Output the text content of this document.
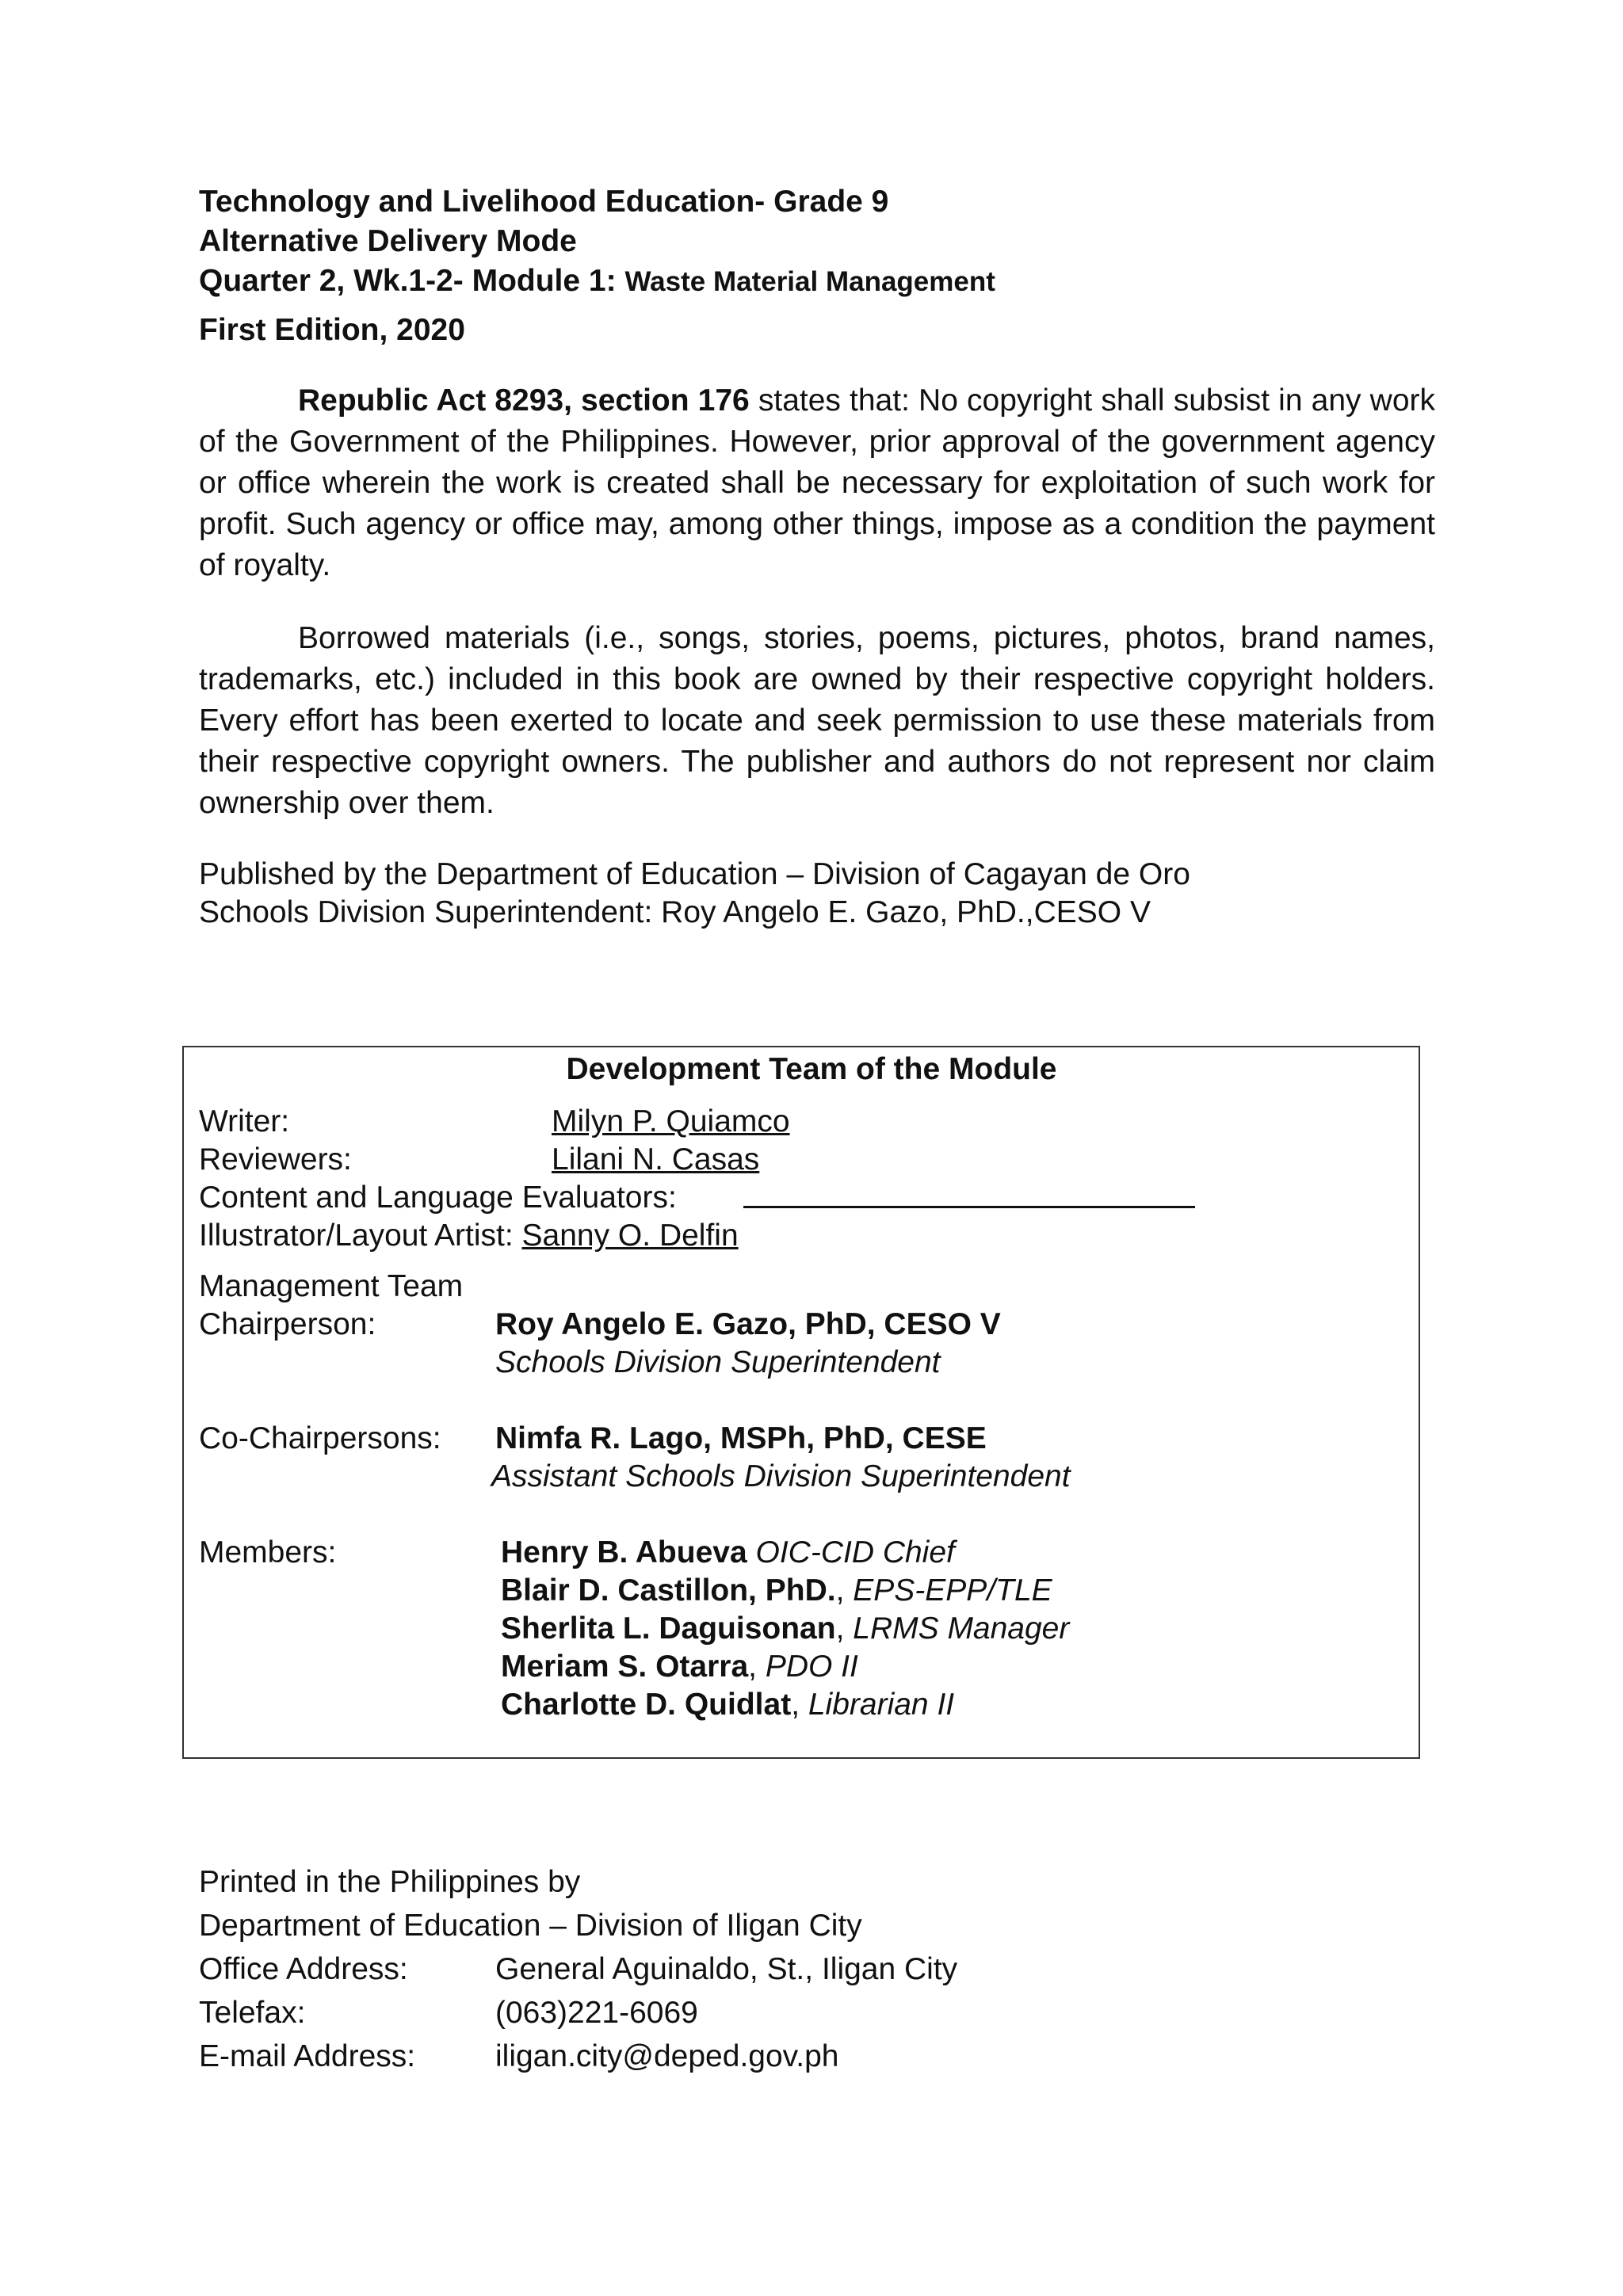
Technology and Livelihood Education- Grade 9
Alternative Delivery Mode
Quarter 2, Wk.1-2- Module 1: Waste Material Management
First Edition, 2020
Republic Act 8293, section 176 states that: No copyright shall subsist in any work of the Government of the Philippines. However, prior approval of the government agency or office wherein the work is created shall be necessary for exploitation of such work for profit. Such agency or office may, among other things, impose as a condition the payment of royalty.
Borrowed materials (i.e., songs, stories, poems, pictures, photos, brand names, trademarks, etc.) included in this book are owned by their respective copyright holders. Every effort has been exerted to locate and seek permission to use these materials from their respective copyright owners. The publisher and authors do not represent nor claim ownership over them.
Published by the Department of Education – Division of Cagayan de Oro
Schools Division Superintendent: Roy Angelo E. Gazo, PhD.,CESO V
Development Team of the Module
Writer:	Milyn P. Quiamco
Reviewers:	Lilani N. Casas
Content and Language Evaluators:
Illustrator/Layout Artist: Sanny O. Delfin
Management Team
Chairperson:	Roy Angelo E. Gazo, PhD, CESO V
Schools Division Superintendent
Co-Chairpersons: Nimfa R. Lago, MSPh, PhD, CESE
Assistant Schools Division Superintendent
Members:	Henry B. Abueva OIC-CID Chief
Blair D. Castillon, PhD., EPS-EPP/TLE
Sherlita L. Daguisonan, LRMS Manager
Meriam S. Otarra, PDO II
Charlotte D. Quidlat, Librarian II
Printed in the Philippines by
Department of Education – Division of Iligan City
Office Address:	General Aguinaldo, St., Iligan City
Telefax:	(063)221-6069
E-mail Address:	iligan.city@deped.gov.ph
